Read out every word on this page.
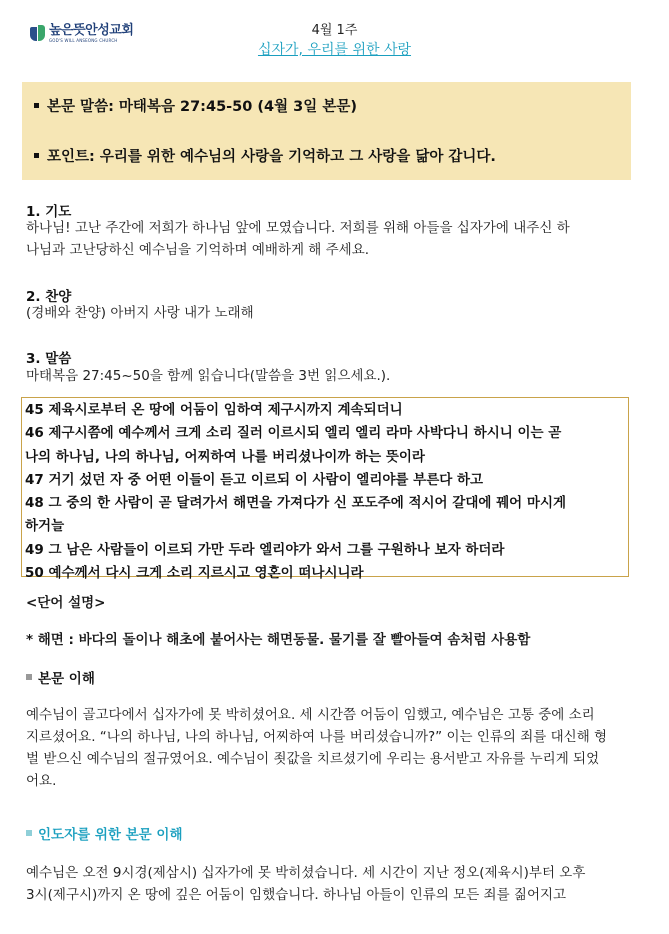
높은뜻안성교회
GOD'S WILL ANSEONG CHURCH
4월 1주
십자가, 우리를 위한 사랑
본문 말씀: 마태복음 27:45-50 (4월 3일 본문)
포인트: 우리를 위한 예수님의 사랑을 기억하고 그 사랑을 닮아 갑니다.
1. 기도
하나님! 고난 주간에 저희가 하나님 앞에 모였습니다. 저희를 위해 아들을 십자가에 내주신 하
나님과 고난당하신 예수님을 기억하며 예배하게 해 주세요.
2. 찬양
(경배와 찬양) 아버지 사랑 내가 노래해
3. 말씀
마태복음 27:45~50을 함께 읽습니다(말씀을 3번 읽으세요.).
45 제육시로부터 온 땅에 어둠이 임하여 제구시까지 계속되더니
46 제구시쯤에 예수께서 크게 소리 질러 이르시되 엘리 엘리 라마 사박다니 하시니 이는 곧
나의 하나님, 나의 하나님, 어찌하여 나를 버리셨나이까 하는 뜻이라
47 거기 섰던 자 중 어떤 이들이 듣고 이르되 이 사람이 엘리야를 부른다 하고
48 그 중의 한 사람이 곧 달려가서 해면을 가져다가 신 포도주에 적시어 갈대에 꿰어 마시게
하거늘
49 그 남은 사람들이 이르되 가만 두라 엘리야가 와서 그를 구원하나 보자 하더라
50 예수께서 다시 크게 소리 지르시고 영혼이 떠나시니라
<단어 설명>
* 해면 : 바다의 돌이나 해초에 붙어사는 해면동물. 물기를 잘 빨아들여 솜처럼 사용함
본문 이해
예수님이 골고다에서 십자가에 못 박히셨어요. 세 시간쯤 어둠이 임했고, 예수님은 고통 중에 소리
지르셨어요. “나의 하나님, 나의 하나님, 어찌하여 나를 버리셨습니까?” 이는 인류의 죄를 대신해 형
벌 받으신 예수님의 절규였어요. 예수님이 죗값을 치르셨기에 우리는 용서받고 자유를 누리게 되었
어요.
인도자를 위한 본문 이해
예수님은 오전 9시경(제삼시) 십자가에 못 박히셨습니다. 세 시간이 지난 정오(제육시)부터 오후
3시(제구시)까지 온 땅에 깊은 어둠이 임했습니다. 하나님 아들이 인류의 모든 죄를 짊어지고
